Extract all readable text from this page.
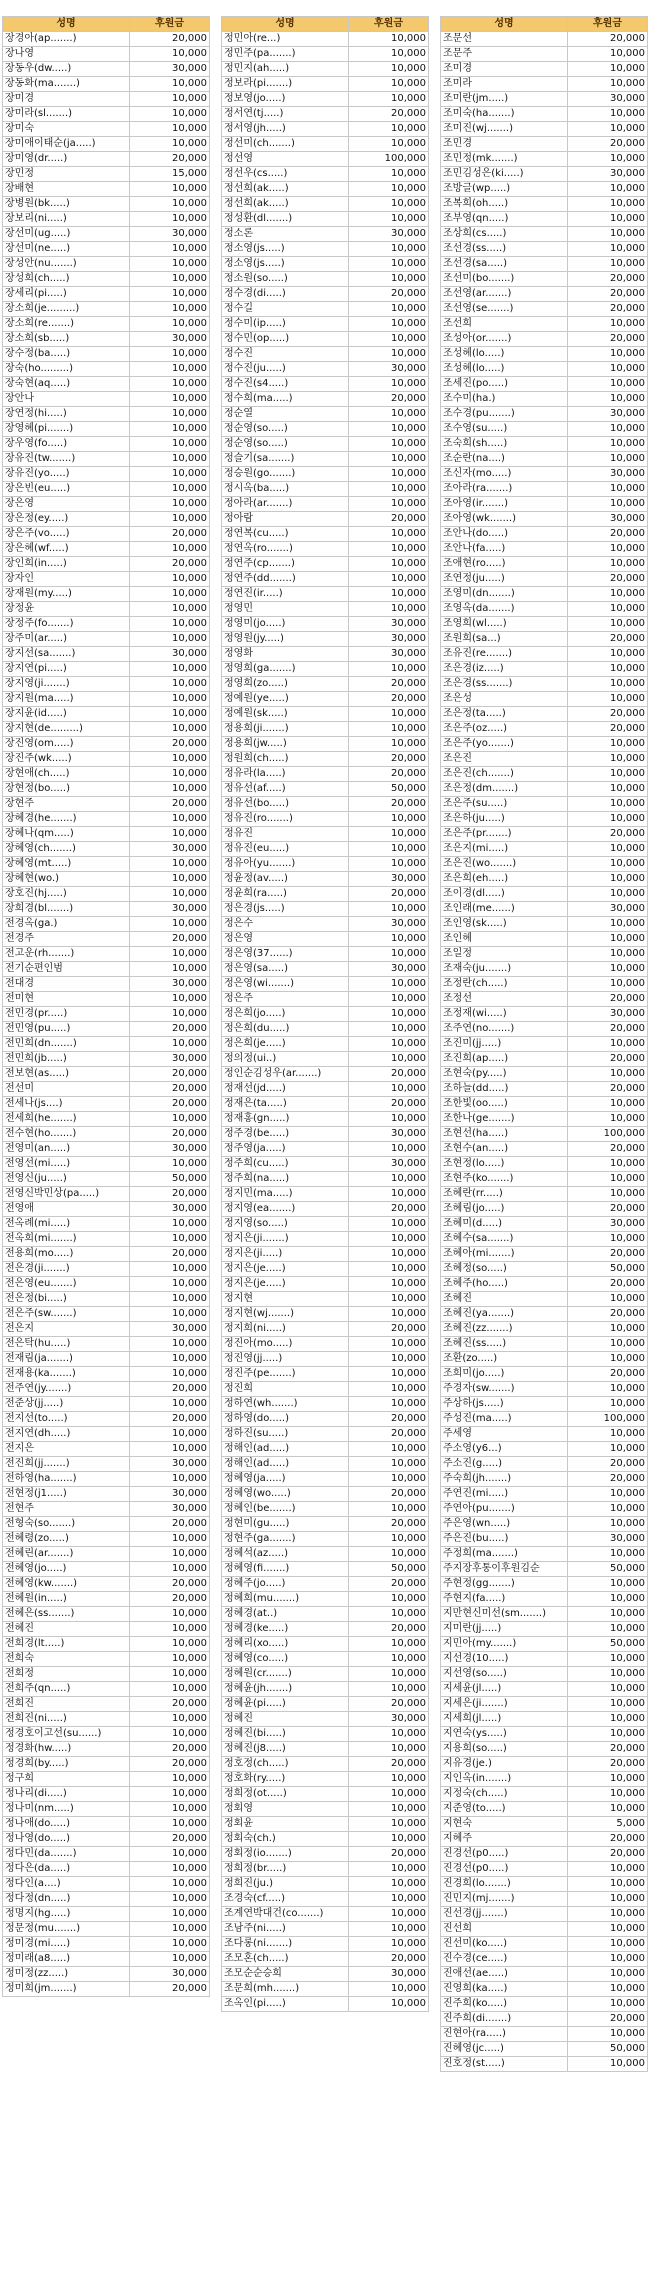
성명	후원금
장경아(ap.......)	20,000
장나영	10,000
장동우(dw.....)	30,000
장동화(ma.......)	10,000
장미경	10,000
장미라(sl.......)	10,000
장미숙	10,000
장미애이태순(ja.....)	10,000
장미영(dr.....)	20,000
장민정	15,000
장배현	10,000
장병원(bk.....)	10,000
장보리(ni.....)	10,000
장선미(ug.....)	30,000
장선미(ne.....)	10,000
장성안(nu.......)	10,000
장성희(ch.....)	10,000
장세리(pi.....)	10,000
장소희(je.........)	10,000
장소희(re.......)	10,000
장소희(sb.....)	30,000
장수정(ba.....)	10,000
장숙(ho.........)	10,000
장숙현(aq.....)	10,000
장안나	10,000
장연정(hi.....)	10,000
장영혜(pi.......)	10,000
장우영(fo.....)	10,000
장유진(tw.......)	10,000
장유진(yo.....)	10,000
장은빈(eu.....)	10,000
장은영	10,000
장은정(ey.....)	10,000
장은주(vo.....)	20,000
장은혜(wf.....)	10,000
장인희(in.....)	20,000
장자인	10,000
장재원(my.....)	10,000
장정윤	10,000
장정주(fo.......)	10,000
장주미(ar.....)	10,000
장지선(sa.......)	30,000
장지연(pi.....)	10,000
장지영(ji.......)	10,000
장지원(ma.....)	10,000
장지윤(id.....)	10,000
장지현(de.........)	10,000
장진영(om.....)	20,000
장진주(wk.....)	10,000
장현애(ch.....)	10,000
장현정(bo.....)	10,000
장현주	20,000
장혜경(he.......)	10,000
장혜나(qm.....)	10,000
장혜영(ch.......)	30,000
장혜영(mt.....)	10,000
장혜현(wo.)	10,000
장호진(hj.....)	10,000
장희경(bl.......)	30,000
전경옥(ga.)	10,000
전경주	20,000
전고운(rh.......)	10,000
전기순편인범	10,000
전대경	30,000
전미현	10,000
전민경(pr.....)	10,000
전민영(pu.....)	20,000
전민희(dn.......)	10,000
전민희(jb.....)	30,000
전보현(as.....)	20,000
전선미	20,000
전세나(js....)	20,000
전세희(he.......)	10,000
전수현(ho.......)	20,000
전영미(an.....)	30,000
전영선(mi.....)	10,000
전영신(ju.....)	50,000
전영신박민상(pa.....)	20,000
전영애	30,000
전옥례(mi.....)	10,000
전옥희(mi.......)	10,000
전용희(mo.....)	20,000
전은경(ji.......)	10,000
전은영(eu.......)	10,000
전은정(bi.....)	10,000
전은주(sw.......)	10,000
전은지	30,000
전은탁(hu.....)	10,000
전재림(ja.......)	10,000
전재용(ka.......)	10,000
전주연(jy.......)	20,000
전준상(jj.....)	10,000
전지선(to.....)	20,000
전지연(dh.....)	10,000
전지은	10,000
전진희(jj.......)	30,000
전하영(ha.......)	10,000
전현정(j1.....)	30,000
전현주	30,000
전형숙(so.......)	20,000
전혜령(zo.....)	10,000
전혜린(ar.......)	10,000
전혜영(jo.....)	10,000
전혜영(kw.......)	20,000
전혜원(in.....)	20,000
전혜은(ss.......)	10,000
전혜진	10,000
전희경(lt.....)	10,000
전희숙	10,000
전희정	10,000
전희주(qn.....)	10,000
전희진	20,000
전희진(ni.....)	10,000
정경호이고선(su......)	10,000
정경화(hw.....)	20,000
정경희(by.....)	20,000
정구희	10,000
정나리(di.....)	10,000
정나미(nm.....)	10,000
정나애(do.....)	10,000
정나영(do.....)	20,000
정다민(da.......)	10,000
정다은(da.....)	10,000
정다인(a....)	10,000
정다정(dn.....)	10,000
정명지(hg.....)	10,000
정문정(mu.......)	10,000
정미경(mi.....)	10,000
정미래(a8.....)	10,000
정미정(zz.....)	30,000
정미희(jm.......)	20,000
성명	후원금
정민아(re...)	10,000
정민주(pa.......)	10,000
정민지(ah.....)	10,000
정보라(pi.......)	10,000
정보영(jo.....)	10,000
정서연(tj.....)	20,000
정서영(jh.....)	10,000
정선미(ch.......)	10,000
정선영	100,000
정선우(cs.....)	10,000
정선희(ak.....)	10,000
정선희(ak.....)	10,000
정성환(dl.......)	10,000
정소론	30,000
정소영(js.....)	10,000
정소영(js.....)	10,000
정소원(so.....)	10,000
정수경(di.....)	20,000
정수길	10,000
정수미(ip.....)	10,000
정수민(op.....)	10,000
정수진	10,000
정수진(ju.....)	30,000
정수진(s4.....)	10,000
정수희(ma.....)	20,000
정순열	10,000
정순영(so.....)	10,000
정순영(so.....)	10,000
정슬기(sa.......)	10,000
정승원(go.......)	10,000
정시옥(ba.....)	10,000
정아라(ar.......)	10,000
정아람	20,000
정연복(cu.....)	10,000
정연옥(ro.......)	10,000
정연주(cp.......)	10,000
정연주(dd.......)	10,000
정연진(ir.....)	10,000
정영민	10,000
정영미(jo.....)	30,000
정영원(jy.....)	30,000
정영화	30,000
정영희(ga.......)	10,000
정영희(zo.....)	20,000
정예원(ye.....)	20,000
정예원(sk.....)	10,000
정용희(ji.......)	10,000
정용희(jw.....)	10,000
정원희(ch.....)	20,000
정유라(la.....)	20,000
정유선(af.....)	50,000
정유선(bo.....)	20,000
정유진(ro.......)	10,000
정유진	10,000
정유진(eu.....)	10,000
정유아(yu.......)	10,000
정윤정(av.....)	30,000
정윤희(ra.....)	20,000
정은경(js.....)	10,000
정은수	30,000
정은영	10,000
정은영(37......)	10,000
정은영(sa.....)	30,000
정은영(wi.......)	10,000
정은주	10,000
정은희(jo.....)	10,000
정은희(du.....)	10,000
정은희(je.....)	10,000
정의정(ui..)	10,000
정인순김성우(ar.......)	20,000
정재선(jd.....)	10,000
정재은(ta.....)	20,000
정재홍(gn.....)	10,000
정주경(be.....)	30,000
정주영(ja.....)	10,000
정주희(cu.....)	30,000
정주희(na.....)	10,000
정지민(ma.....)	10,000
정지영(ea.......)	20,000
정지영(so.....)	10,000
정지은(ji.......)	10,000
정지은(ji.....)	10,000
정지은(je.....)	10,000
정지은(je.....)	10,000
정지현	10,000
정지현(wj.......)	10,000
정지희(ni.....)	20,000
정진아(mo.....)	10,000
정진영(jj.....)	10,000
정진주(pe.......)	10,000
정진희	10,000
정하연(wh.......)	10,000
정하영(do.....)	20,000
정하진(su.....)	20,000
정해인(ad.....)	10,000
정해인(ad.....)	10,000
정혜영(ja.....)	10,000
정혜영(wo.....)	20,000
정혜인(be.......)	10,000
정현미(gu.....)	20,000
정현주(ga.......)	10,000
정혜석(az.....)	10,000
정혜영(fi.......)	50,000
정혜주(jo.....)	20,000
정혜희(mu.......)	10,000
정혜경(at..)	10,000
정혜경(ke.....)	20,000
정혜리(xo.....)	10,000
정혜영(co.....)	10,000
정혜원(cr.......)	10,000
정혜윤(jh.......)	10,000
정혜윤(pi.....)	20,000
정혜진	30,000
정혜진(bi.....)	10,000
정혜진(j8.....)	10,000
정호정(ch.....)	20,000
정호화(ry.....)	10,000
정희정(ot.....)	10,000
정회영	10,000
정회윤	10,000
정회숙(ch.)	10,000
정회정(io.......)	20,000
정희정(br.....)	10,000
정희진(ju.)	10,000
조경숙(cf.....)	10,000
조계연박대건(co.......)	10,000
조남주(ni.....)	10,000
조다롱(ni.......)	10,000
조모혼(ch.....)	20,000
조모순순승희	30,000
조문희(mh.......)	10,000
조옥인(pi.....)	10,000
성명	후원금
조문선	20,000
조문주	10,000
조미경	10,000
조미라	10,000
조미란(jm.....)	30,000
조미숙(ha.......)	10,000
조미진(wj.......)	10,000
조민경	20,000
조민정(mk.......)	10,000
조민김성은(ki.....)	30,000
조방글(wp.....)	10,000
조복희(oh.....)	10,000
조부영(qn.....)	10,000
조상희(cs.....)	10,000
조선경(ss.....)	10,000
조선경(sa.....)	10,000
조선미(bo.......)	20,000
조선영(ar.......)	20,000
조선영(se.......)	20,000
조선희	10,000
조성아(or.......)	20,000
조성혜(lo.....)	10,000
조성혜(lo.....)	10,000
조세진(po.....)	10,000
조수미(ha.)	10,000
조수경(pu.......)	30,000
조수영(su.....)	10,000
조숙희(sh.....)	10,000
조순란(na....)	10,000
조신자(mo.....)	30,000
조아라(ra.......)	10,000
조아영(ir.......)	10,000
조아영(wk.......)	30,000
조안나(do.....)	20,000
조안나(fa.....)	10,000
조애현(ro.....)	10,000
조연정(ju.....)	20,000
조영미(dn.......)	10,000
조영옥(da.......)	10,000
조영희(wl.....)	10,000
조원희(sa...)	20,000
조유진(re.......)	10,000
조은경(iz.....)	10,000
조은경(ss.......)	10,000
조은성	10,000
조은정(ta.....)	20,000
조은주(oz.....)	20,000
조은주(yo.......)	10,000
조은진	10,000
조은진(ch.......)	10,000
조은정(dm.......)	10,000
조은주(su.....)	10,000
조은하(ju.....)	10,000
조은주(pr.......)	20,000
조은지(mi.....)	10,000
조은진(wo.......)	10,000
조은희(eh.....)	10,000
조이경(dl.....)	10,000
조인래(me......)	30,000
조인영(sk.....)	10,000
조인혜	10,000
조일정	10,000
조재숙(ju.......)	10,000
조정란(ch.....)	10,000
조정선	20,000
조정재(wi.....)	30,000
조주연(no.......)	20,000
조진미(jj.....)	10,000
조진희(ap.....)	20,000
조현숙(py.....)	10,000
조하늘(dd.....)	20,000
조한빛(oo.....)	10,000
조한나(ge.......)	10,000
조현선(ha.....)	100,000
조현수(an.....)	20,000
조현정(lo.....)	10,000
조현주(ko.......)	10,000
조혜란(rr.....)	10,000
조혜림(jo.....)	20,000
조혜미(d.....)	30,000
조혜수(sa.......)	10,000
조혜아(mi.......)	20,000
조혜정(so.....)	50,000
조혜주(ho.....)	20,000
조혜진	10,000
조혜진(ya.......)	20,000
조혜진(zz.......)	10,000
조혜진(ss.....)	10,000
조환(zo.....)	10,000
조희미(jo.....)	20,000
주경자(sw.......)	10,000
주상하(js.....)	10,000
주성진(ma.....)	100,000
주세영	10,000
주소영(y6...)	10,000
주소진(g.....)	20,000
주숙희(jh.......)	20,000
주연진(mi.....)	10,000
주연아(pu.......)	10,000
주은영(wn.....)	10,000
주은진(bu.....)	30,000
주정희(ma.......)	10,000
주지장후통이후원김순	50,000
주현정(gg.......)	10,000
주현지(fa.....)	10,000
지만현신미선(sm.......)	10,000
지미란(jj.....)	10,000
지민아(my.......)	50,000
지선경(10.....)	10,000
지선영(so.....)	10,000
지세윤(jl.....)	10,000
지세은(ji.......)	10,000
지세희(jl.....)	10,000
지연숙(ys.....)	10,000
지용희(so.....)	20,000
지유경(je.)	20,000
지인옥(in.......)	10,000
지정숙(ch.....)	10,000
지준영(to.....)	10,000
지현숙	5,000
지혜주	20,000
진경선(p0.....)	20,000
진경선(p0.....)	10,000
진경희(lo.......)	10,000
진민지(mj.......)	10,000
진선경(jj.......)	10,000
진선희	10,000
진선미(ko.....)	10,000
진수경(ce.....)	10,000
진애선(ae.....)	10,000
진영희(ka.....)	10,000
진주희(ko.....)	10,000
진주희(di.......)	20,000
진현아(ra.....)	10,000
진혜영(jc.....)	50,000
진호정(st.....)	10,000
